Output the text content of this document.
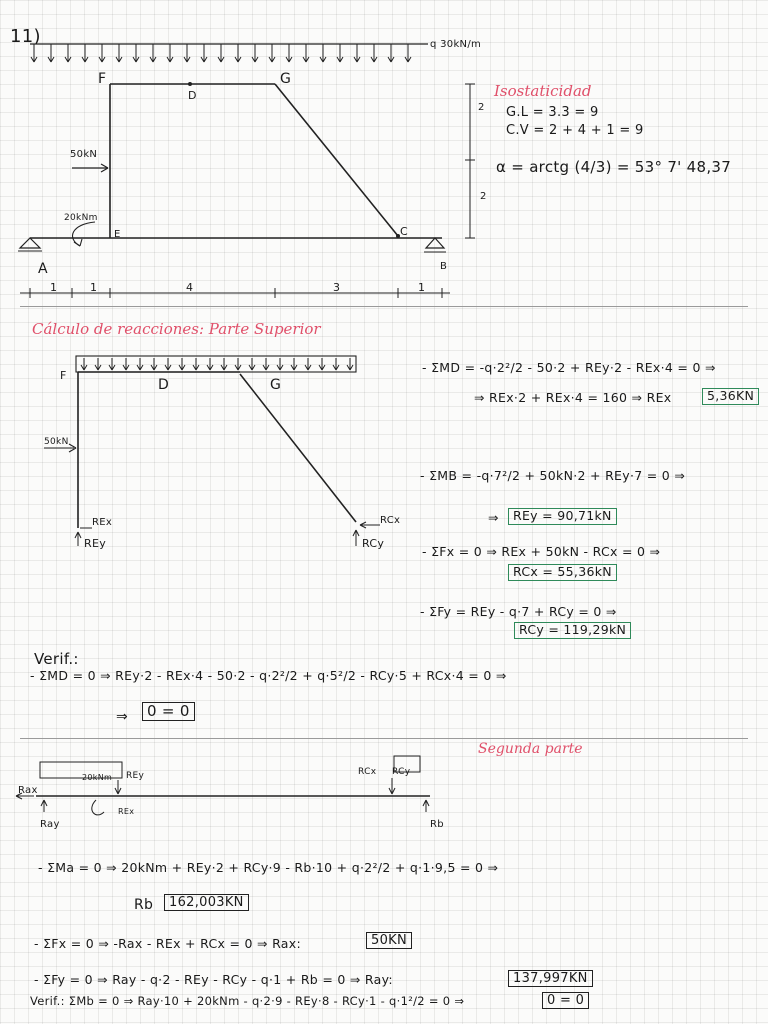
11)	q 30kN/m
F
D
G
C
E
A	B
50kN
20kNm
1	1	4	3	1
2
2
Isostaticidad
G.L = 3.3 = 9
C.V = 2 + 4 + 1 = 9
α = arctg (4/3) = 53° 7' 48,37
Cálculo de reacciones: Parte Superior
F
D	G
50kN
REx
REy
RCx
RCy
- ΣMD = -q·2²/2 - 50·2 + REy·2 - REx·4 = 0 ⇒
⇒ REx·2 + REx·4 = 160 ⇒ REx	5,36KN
- ΣMB = -q·7²/2 + 50kN·2 + REy·7 = 0 ⇒
⇒	REy = 90,71kN
- ΣFx = 0 ⇒ REx + 50kN - RCx = 0 ⇒
RCx = 55,36kN
- ΣFy = REy - q·7 + RCy = 0 ⇒
RCy = 119,29kN
Verif.:
- ΣMD = 0 ⇒ REy·2 - REx·4 - 50·2 - q·2²/2 + q·5²/2 - RCy·5 + RCx·4 = 0 ⇒
⇒	0 = 0
Segunda parte
Rax
Ray
20kNm REy
REx
RCx RCy
Rb
- ΣMa = 0 ⇒ 20kNm + REy·2 + RCy·9 - Rb·10 + q·2²/2 + q·1·9,5 = 0 ⇒
Rb	162,003KN
- ΣFx = 0 ⇒ -Rax - REx + RCx = 0 ⇒ Rax:	50KN
- ΣFy = 0 ⇒ Ray - q·2 - REy - RCy - q·1 + Rb = 0 ⇒ Ray:	137,997KN
Verif.: ΣMb = 0 ⇒ Ray·10 + 20kNm - q·2·9 - REy·8 - RCy·1 - q·1²/2 = 0 ⇒	0 = 0
